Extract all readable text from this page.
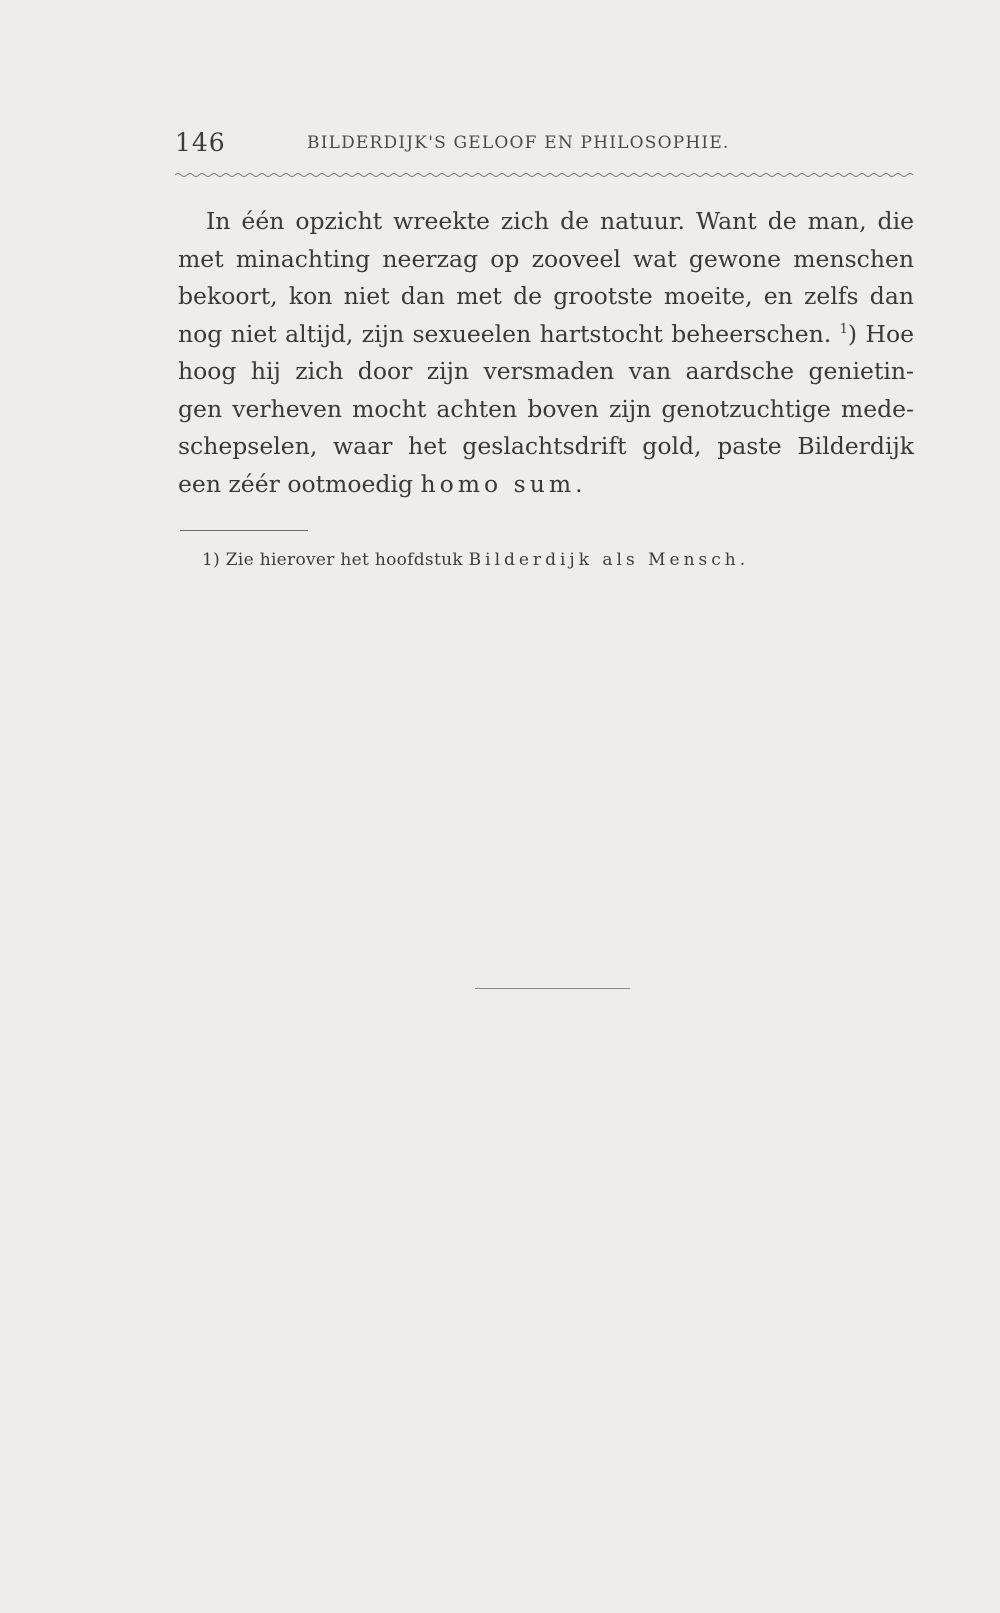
146	BILDERDIJK'S GELOOF EN PHILOSOPHIE.
In één opzicht wreekte zich de natuur. Want de man, die
met minachting neerzag op zooveel wat gewone menschen
bekoort, kon niet dan met de grootste moeite, en zelfs dan
nog niet altijd, zijn sexueelen hartstocht beheerschen. $^1$) Hoe
hoog hij zich door zijn versmaden van aardsche genietin-
gen verheven mocht achten boven zijn genotzuchtige mede-
schepselen, waar het geslachtsdrift gold, paste Bilderdijk
een zéér ootmoedig homo sum.
1) Zie hierover het hoofdstuk Bilderdijk als Mensch.
